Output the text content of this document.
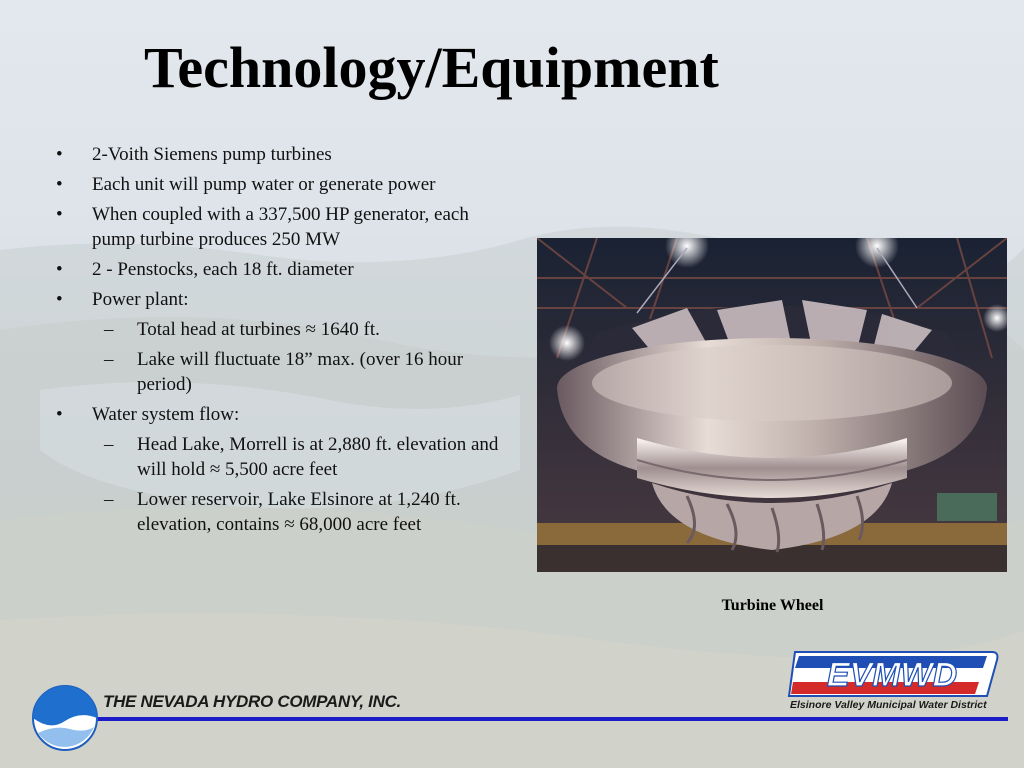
Technology/Equipment
• 2-Voith Siemens pump turbines
• Each unit will pump water or generate power
• When coupled with a 337,500 HP generator, each pump turbine produces 250 MW
• 2 - Penstocks, each 18 ft. diameter
• Power plant:
– Total head at turbines ≈ 1640 ft.
– Lake will fluctuate 18” max. (over 16 hour period)
• Water system flow:
– Head Lake, Morrell is at 2,880 ft. elevation and will hold ≈ 5,500 acre feet
– Lower reservoir, Lake Elsinore at 1,240 ft. elevation, contains ≈ 68,000 acre feet
Turbine Wheel
THE NEVADA HYDRO COMPANY, INC.
EVMWD
Elsinore Valley Municipal Water District
